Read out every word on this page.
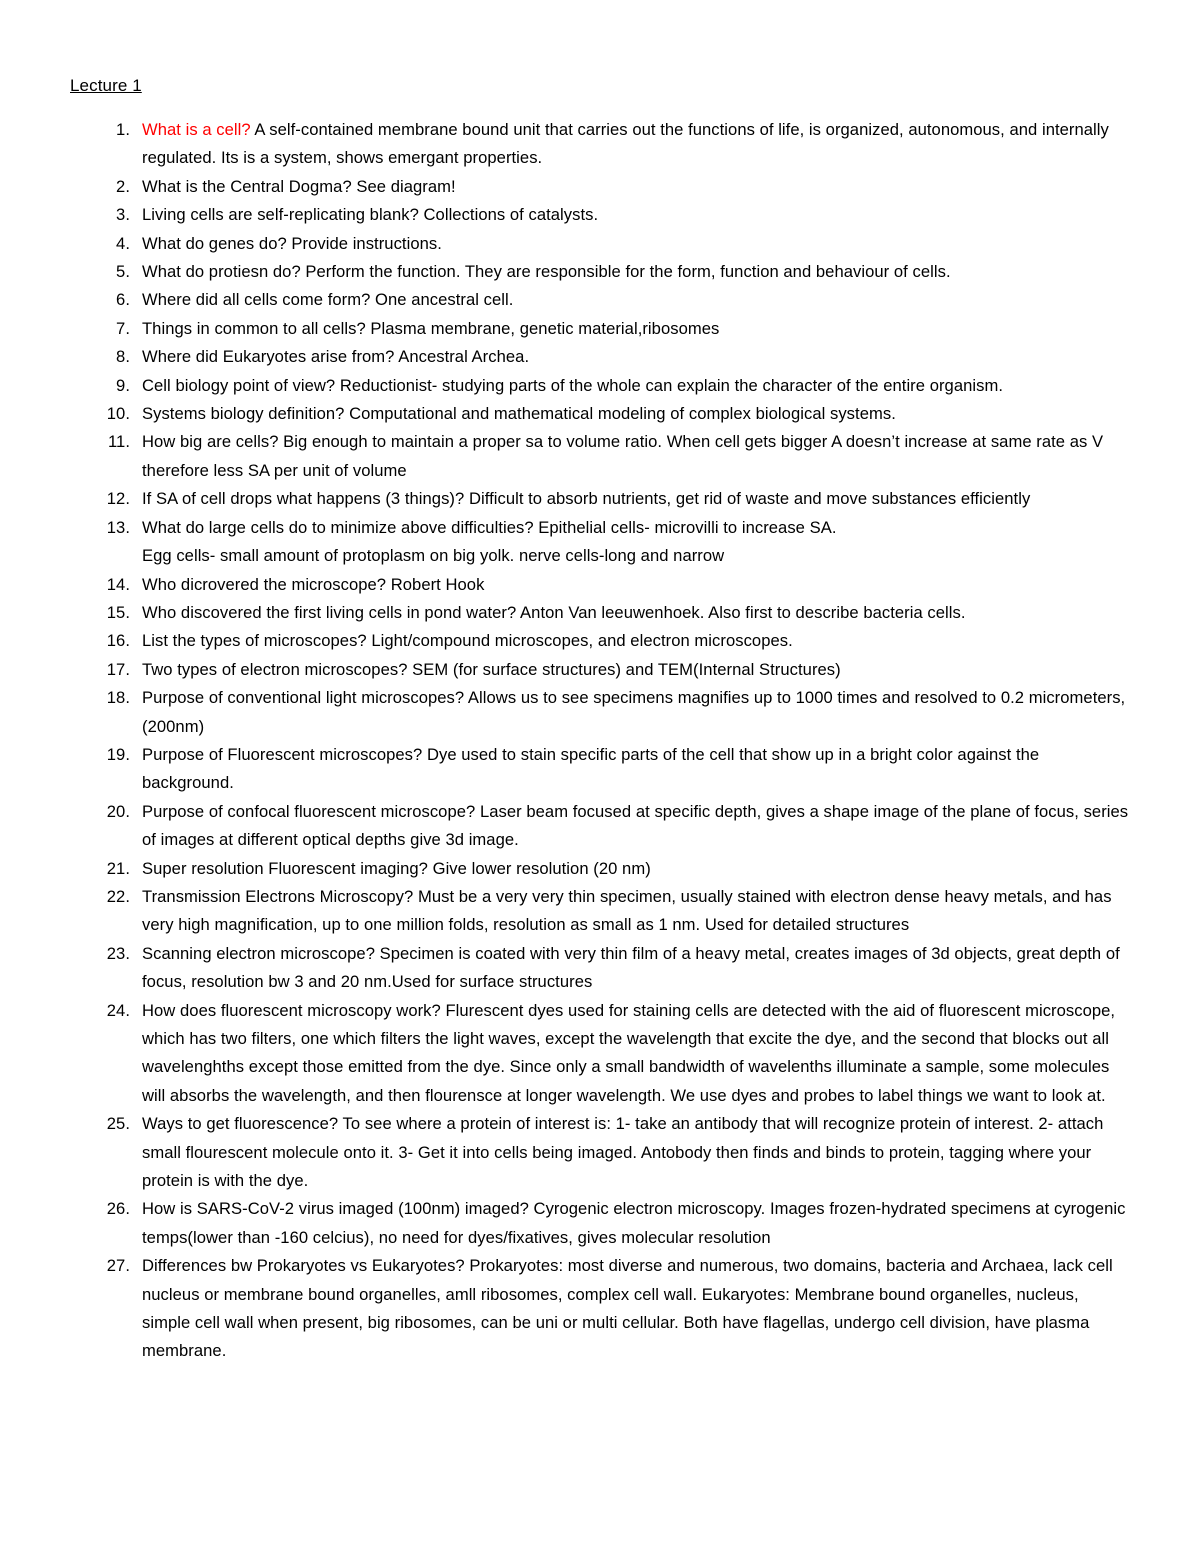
Lecture 1
1. What is a cell? A self-contained membrane bound unit that carries out the functions of life, is organized, autonomous, and internally regulated. Its is a system, shows emergant properties.
2. What is the Central Dogma? See diagram!
3. Living cells are self-replicating blank? Collections of catalysts.
4. What do genes do? Provide instructions.
5. What do protiesn do? Perform the function. They are responsible for the form, function and behaviour of cells.
6. Where did all cells come form? One ancestral cell.
7. Things in common to all cells? Plasma membrane, genetic material,ribosomes
8. Where did Eukaryotes arise from? Ancestral Archea.
9. Cell biology point of view? Reductionist- studying parts of the whole can explain the character of the entire organism.
10. Systems biology definition? Computational and mathematical modeling of complex biological systems.
11. How big are cells? Big enough to maintain a proper sa to volume ratio. When cell gets bigger A doesn’t increase at same rate as V therefore less SA per unit of volume
12. If SA of cell drops what happens (3 things)? Difficult to absorb nutrients, get rid of waste and move substances efficiently
13. What do large cells do to minimize above difficulties? Epithelial cells- microvilli to increase SA.
Egg cells- small amount of protoplasm on big yolk. nerve cells-long and narrow
14. Who dicrovered the microscope? Robert Hook
15. Who discovered the first living cells in pond water? Anton Van leeuwenhoek. Also first to describe bacteria cells.
16. List the types of microscopes? Light/compound microscopes, and electron microscopes.
17. Two types of electron microscopes? SEM (for surface structures) and TEM(Internal Structures)
18. Purpose of conventional light microscopes? Allows us to see specimens magnifies up to 1000 times and resolved to 0.2 micrometers,(200nm)
19. Purpose of Fluorescent microscopes? Dye used to stain specific parts of the cell that show up in a bright color against the background.
20. Purpose of confocal fluorescent microscope? Laser beam focused at specific depth, gives a shape image of the plane of focus, series of images at different optical depths give 3d image.
21. Super resolution Fluorescent imaging? Give lower resolution (20 nm)
22. Transmission Electrons Microscopy? Must be a very very thin specimen, usually stained with electron dense heavy metals, and has very high magnification, up to one million folds, resolution as small as 1 nm. Used for detailed structures
23. Scanning electron microscope? Specimen is coated with very thin film of a heavy metal, creates images of 3d objects, great depth of focus, resolution bw 3 and 20 nm.Used for surface structures
24. How does fluorescent microscopy work? Flurescent dyes used for staining cells are detected with the aid of fluorescent microscope, which has two filters, one which filters the light waves, except the wavelength that excite the dye, and the second that blocks out all wavelenghths except those emitted from the dye. Since only a small bandwidth of wavelenths illuminate a sample, some molecules will absorbs the wavelength, and then flourensce at longer wavelength. We use dyes and probes to label things we want to look at.
25. Ways to get fluorescence? To see where a protein of interest is: 1- take an antibody that will recognize protein of interest. 2- attach small flourescent molecule onto it. 3- Get it into cells being imaged. Antobody then finds and binds to protein, tagging where your protein is with the dye.
26. How is SARS-CoV-2 virus imaged (100nm) imaged? Cyrogenic electron microscopy. Images frozen-hydrated specimens at cyrogenic temps(lower than -160 celcius), no need for dyes/fixatives, gives molecular resolution
27. Differences bw Prokaryotes vs Eukaryotes? Prokaryotes: most diverse and numerous, two domains, bacteria and Archaea, lack cell nucleus or membrane bound organelles, amll ribosomes, complex cell wall. Eukaryotes: Membrane bound organelles, nucleus, simple cell wall when present, big ribosomes, can be uni or multi cellular. Both have flagellas, undergo cell division, have plasma membrane.
